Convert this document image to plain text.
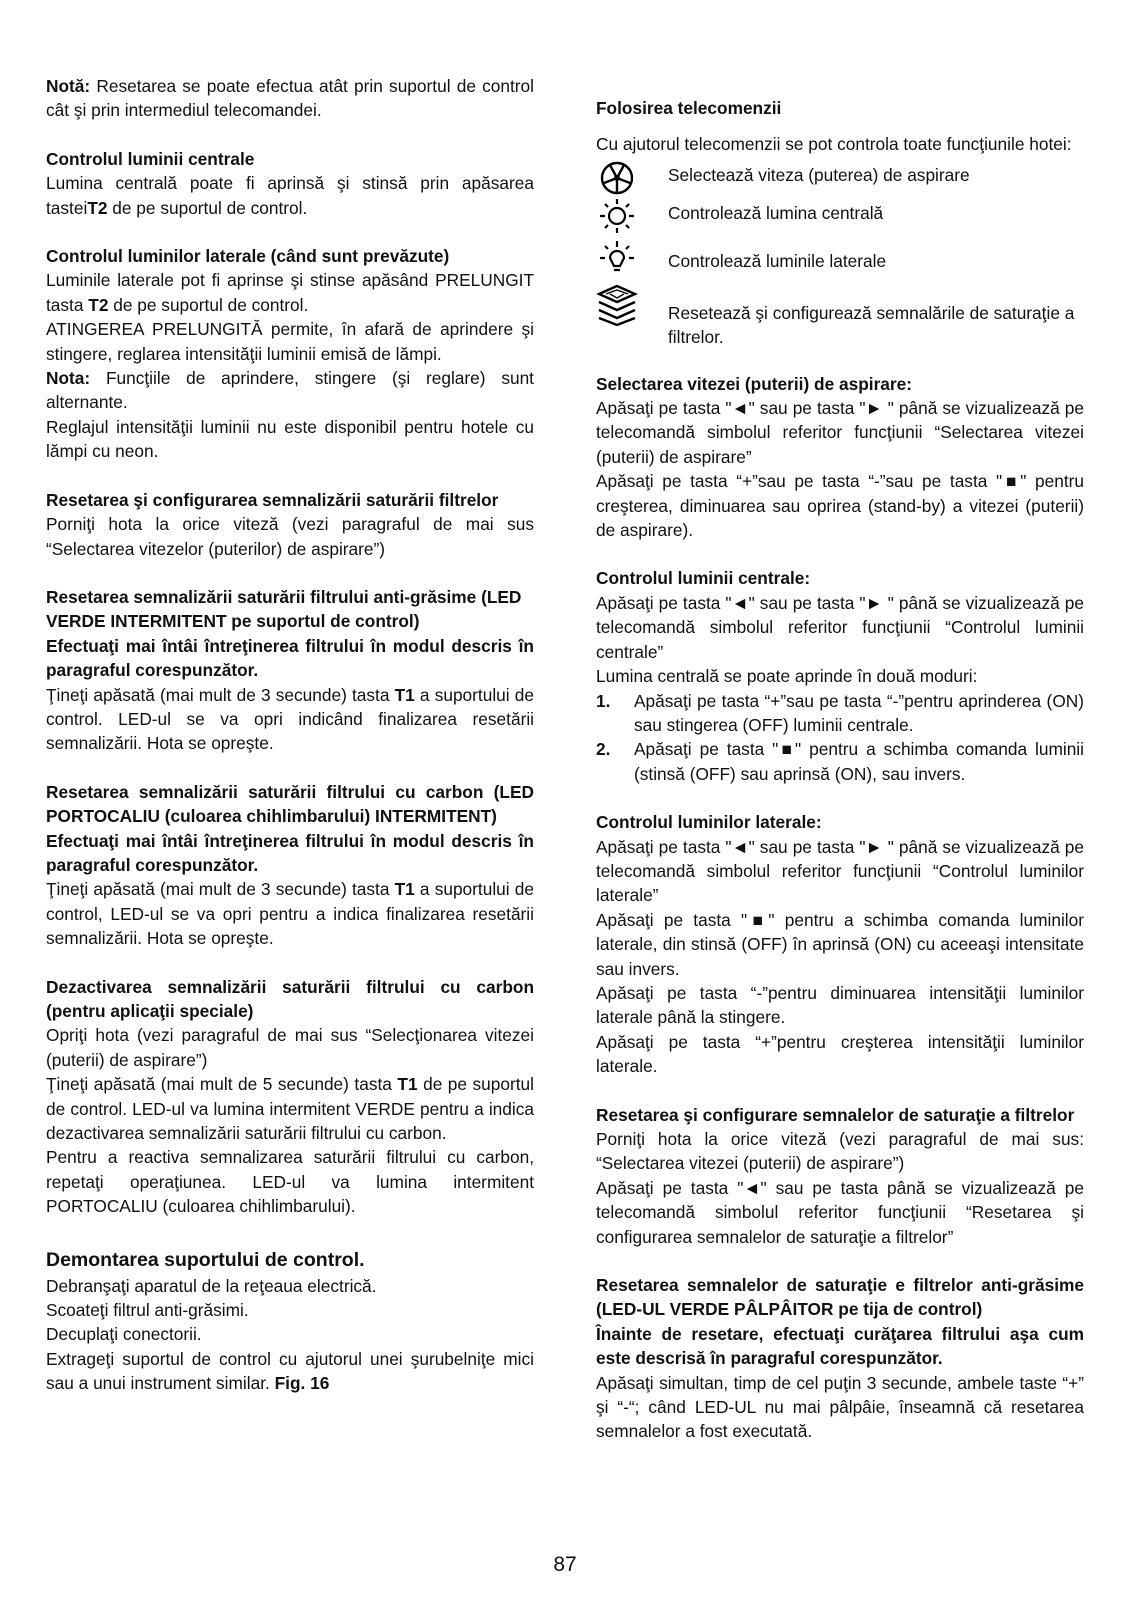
Notă: Resetarea se poate efectua atât prin suportul de control cât şi prin intermediul telecomandei.

Controlul luminii centrale

Lumina centrală poate fi aprinsă şi stinsă prin apăsarea tasteiT2 de pe suportul de control.

Controlul luminilor laterale (când sunt prevăzute)

Luminile laterale pot fi aprinse şi stinse apăsând PRELUNGIT tasta T2 de pe suportul de control.

ATINGEREA PRELUNGITĂ permite, în afară de aprindere şi stingere, reglarea intensităţii luminii emisă de lămpi.

Nota: Funcţiile de aprindere, stingere (şi reglare) sunt alternante.

Reglajul intensităţii luminii nu este disponibil pentru hotele cu lămpi cu neon.

Resetarea şi configurarea semnalizării saturării filtrelor

Porniţi hota la orice viteză (vezi paragraful de mai sus “Selectarea vitezelor (puterilor) de aspirare”)

Resetarea semnalizării saturării filtrului anti-grăsime (LED VERDE INTERMITENT pe suportul de control)

Efectuaţi mai întâi întreţinerea filtrului în modul descris în paragraful corespunzător.

Ţineţi apăsată (mai mult de 3 secunde) tasta T1 a suportului de control. LED-ul se va opri indicând finalizarea resetării semnalizării. Hota se opreşte.

Resetarea semnalizării saturării filtrului cu carbon (LED PORTOCALIU (culoarea chihlimbarului) INTERMITENT)

Efectuaţi mai întâi întreţinerea filtrului în modul descris în paragraful corespunzător.

Ţineţi apăsată (mai mult de 3 secunde) tasta T1 a suportului de control, LED-ul se va opri pentru a indica finalizarea resetării semnalizării. Hota se opreşte.

Dezactivarea semnalizării saturării filtrului cu carbon (pentru aplicaţii speciale)

Opriţi hota (vezi paragraful de mai sus “Selecţionarea vitezei (puterii) de aspirare”)

Ţineţi apăsată (mai mult de 5 secunde) tasta T1 de pe suportul de control. LED-ul va lumina intermitent VERDE pentru a indica dezactivarea semnalizării saturării filtrului cu carbon.

Pentru a reactiva semnalizarea saturării filtrului cu carbon, repetaţi operaţiunea. LED-ul va lumina intermitent PORTOCALIU (culoarea chihlimbarului).

Demontarea suportului de control.

Debranşaţi aparatul de la reţeaua electrică.

Scoateţi filtrul anti-grăsimi.

Decuplaţi conectorii.

Extrageţi suportul de control cu ajutorul unei şurubelniţe mici sau a unui instrument similar. Fig. 16

Folosirea telecomenzii

Cu ajutorul telecomenzii se pot controla toate funcţiunile hotei:

Selectează viteza (puterea) de aspirare
Controlează lumina centrală
Controlează luminile laterale
Resetează şi configurează semnalările de saturaţie a filtrelor.

Selectarea vitezei (puterii) de aspirare:

Apăsaţi pe tasta "◄" sau pe tasta "► " până se vizualizează pe telecomandă simbolul referitor funcţiunii “Selectarea vitezei (puterii) de aspirare”

Apăsaţi pe tasta “+”sau pe tasta “-”sau pe tasta "■" pentru creşterea, diminuarea sau oprirea (stand-by) a vitezei (puterii) de aspirare).

Controlul luminii centrale:

Apăsaţi pe tasta "◄" sau pe tasta "► " până se vizualizează pe telecomandă simbolul referitor funcţiunii “Controlul luminii centrale”

Lumina centrală se poate aprinde în două moduri:

1.	Apăsaţi pe tasta “+”sau pe tasta “-”pentru aprinderea (ON) sau stingerea (OFF) luminii centrale.
2.	Apăsaţi pe tasta "■" pentru a schimba comanda luminii (stinsă (OFF) sau aprinsă (ON), sau invers.

Controlul luminilor laterale:

Apăsaţi pe tasta "◄" sau pe tasta "► " până se vizualizează pe telecomandă simbolul referitor funcţiunii “Controlul luminilor laterale”

Apăsaţi pe tasta "■" pentru a schimba comanda luminilor laterale, din stinsă (OFF) în aprinsă (ON) cu aceeaşi intensitate sau invers.

Apăsaţi pe tasta “-”pentru diminuarea intensităţii luminilor laterale până la stingere.

Apăsaţi pe tasta “+”pentru creşterea intensităţii luminilor laterale.

Resetarea şi configurare semnalelor de saturaţie a filtrelor

Porniţi hota la orice viteză (vezi paragraful de mai sus: “Selectarea vitezei (puterii) de aspirare”)

Apăsaţi pe tasta "◄" sau pe tasta până se vizualizează pe telecomandă simbolul referitor funcţiunii “Resetarea şi configurarea semnalelor de saturaţie a filtrelor”

Resetarea semnalelor de saturaţie e filtrelor anti-grăsime (LED-UL VERDE PÂLPÂITOR pe tija de control)

Înainte de resetare, efectuaţi curăţarea filtrului aşa cum este descrisă în paragraful corespunzător.

Apăsaţi simultan, timp de cel puţin 3 secunde, ambele taste “+” şi “-“; când LED-UL nu mai pâlpâie, înseamnă că resetarea semnalelor a fost executată.

87
